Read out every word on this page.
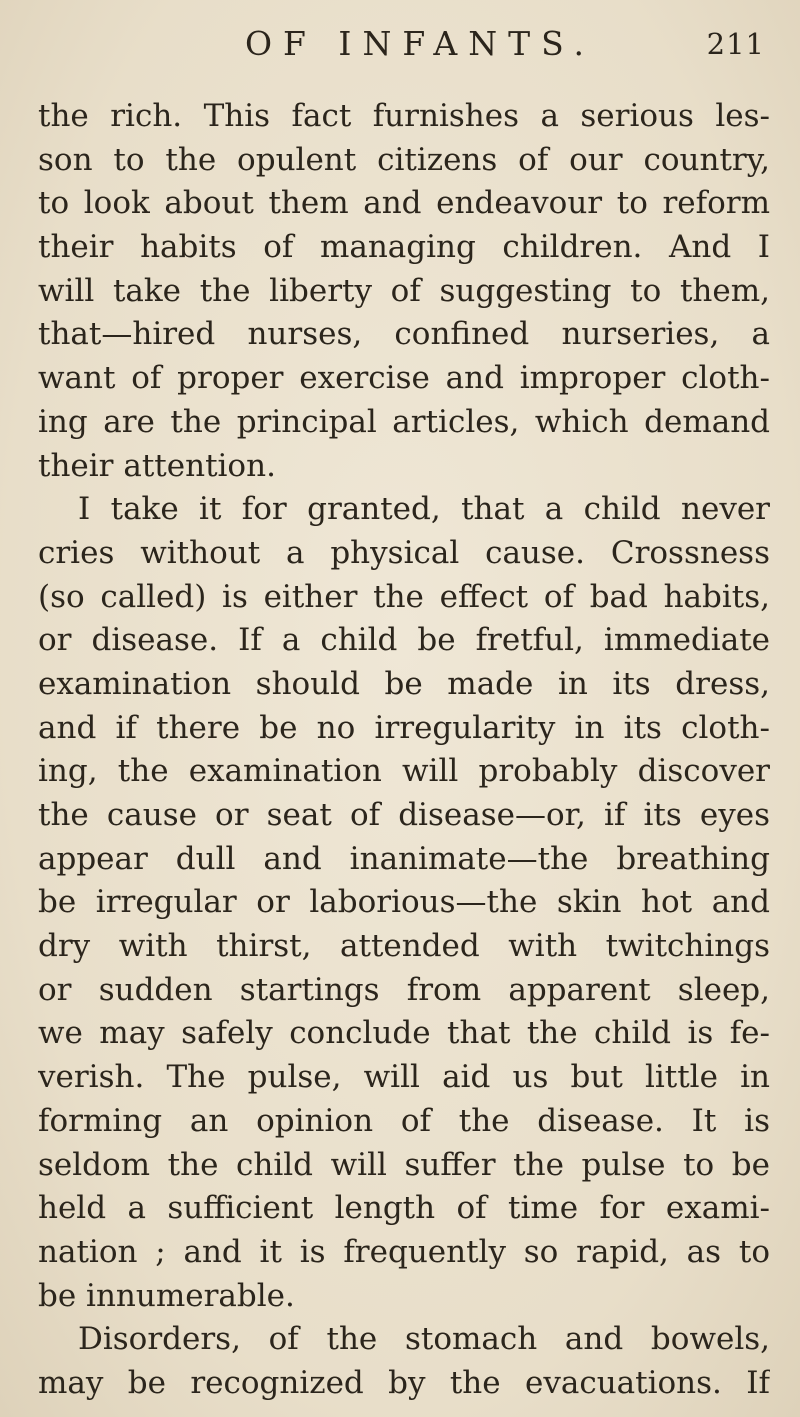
OF INFANTS.	211
the rich. This fact furnishes a serious les-
son to the opulent citizens of our country,
to look about them and endeavour to reform
their habits of managing children. And I
will take the liberty of suggesting to them,
that—hired nurses, confined nurseries, a
want of proper exercise and improper cloth-
ing are the principal articles, which demand
their attention.
I take it for granted, that a child never
cries without a physical cause. Crossness
(so called) is either the effect of bad habits,
or disease. If a child be fretful, immediate
examination should be made in its dress,
and if there be no irregularity in its cloth-
ing, the examination will probably discover
the cause or seat of disease—or, if its eyes
appear dull and inanimate—the breathing
be irregular or laborious—the skin hot and
dry with thirst, attended with twitchings
or sudden startings from apparent sleep,
we may safely conclude that the child is fe-
verish. The pulse, will aid us but little in
forming an opinion of the disease. It is
seldom the child will suffer the pulse to be
held a sufficient length of time for exami-
nation ; and it is frequently so rapid, as to
be innumerable.
Disorders, of the stomach and bowels,
may be recognized by the evacuations. If
